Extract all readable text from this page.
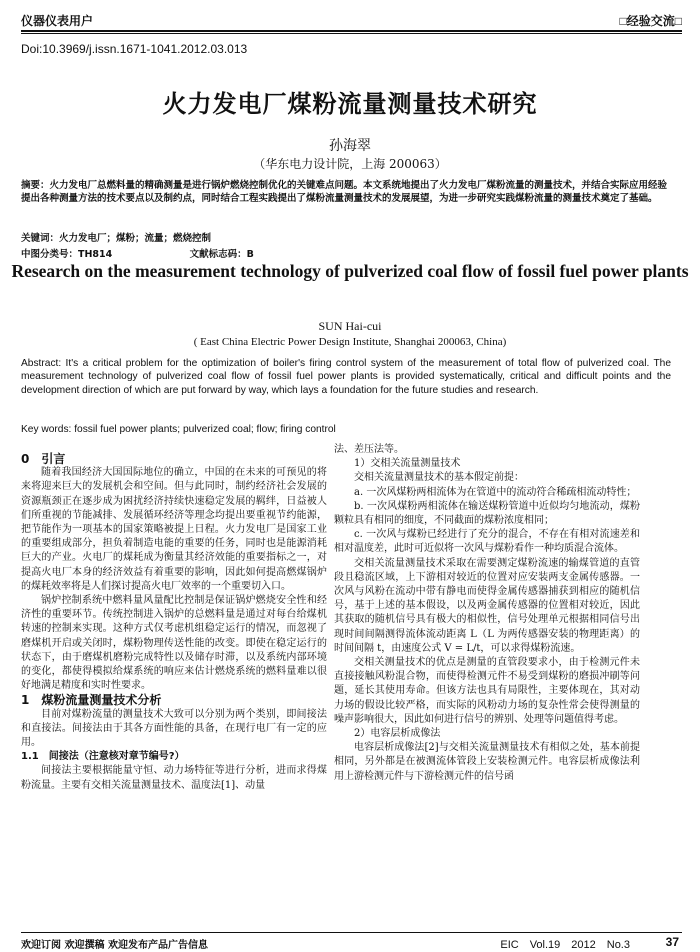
仪器仪表用户	□经验交流□
Doi:10.3969/j.issn.1671-1041.2012.03.013
火力发电厂煤粉流量测量技术研究
孙海翠
（华东电力设计院，上海 200063）
摘要：火力发电厂总燃料量的精确测量是进行锅炉燃烧控制优化的关键难点问题。本文系统地提出了火力发电厂煤粉流量的测量技术，并结合实际应用经验提出各种测量方法的技术要点以及制约点，同时结合工程实践提出了煤粉流量测量技术的发展展望，为进一步研究实践煤粉流量的测量技术奠定了基础。
关键词：火力发电厂；煤粉；流量；燃烧控制
中图分类号：TH814	文献标志码：B
Research on the measurement technology of pulverized coal flow of fossil fuel power plants
SUN Hai-cui
( East China Electric Power Design Institute, Shanghai 200063, China)
Abstract: It's a critical problem for the optimization of boiler's firing control system of the measurement of total flow of pulverized coal. The measurement technology of pulverized coal flow of fossil fuel power plants is provided systematically, critical and difficult points and the development direction of which are put forward by way, which lays a foundation for the future studies and research.
Key words: fossil fuel power plants; pulverized coal; flow; firing control

0　引言

随着我国经济大国国际地位的确立，中国的在未来的可预见的将来将迎来巨大的发展机会和空间。但与此同时，制约经济社会发展的资源瓶颈正在逐步成为困扰经济持续快速稳定发展的羁绊，日益被人们所重视的节能减排、发展循环经济等理念均提出要重视节约能源，把节能作为一项基本的国家策略被提上日程。火力发电厂是国家工业的重要组成部分，担负着制造电能的重要的任务，同时也是能源消耗巨大的产业。火电厂的煤耗成为衡量其经济效能的重要指标之一，对提高火电厂本身的经济效益有着重要的影响，因此如何提高燃煤锅炉的煤耗效率将是人们探讨提高火电厂效率的一个重要切入口。

锅炉控制系统中燃料量风量配比控制是保证锅炉燃烧安全性和经济性的重要环节。传统控制进入锅炉的总燃料量是通过对每台给煤机转速的控制来实现。这种方式仅考虑机组稳定运行的情况，而忽视了磨煤机开启或关闭时，煤粉物理传送性能的改变。即使在稳定运行的状态下，由于磨煤机磨粉完成特性以及储存时滞，以及系统内部环境的变化，都使得模拟给煤系统的响应来估计燃烧系统的燃料量难以很好地满足精度和实时性要求。

1　煤粉流量测量技术分析

目前对煤粉流量的测量技术大致可以分别为两个类别，即间接法和直接法。间接法由于其各方面性能的具备，在现行电厂有一定的应用。

1.1　间接法（注意核对章节编号?）

间接法主要根据能量守恒、动力场特征等进行分析，进而求得煤粉流量。主要有交相关流量测量技术、温度法[1]、动量

法、差压法等。

1）交相关流量测量技术

交相关流量测量技术的基本假定前提：

a. 一次风煤粉两相流体为在管道中的流动符合稀疏相流动特性；

b. 一次风煤粉两相流体在输送煤粉管道中近似均匀地流动，煤粉颗粒具有相同的细度，不同截面的煤粉浓度相同；

c. 一次风与煤粉已经进行了充分的混合，不存在有相对流速差和相对温度差，此时可近似将一次风与煤粉看作一种均质混合流体。

交相关流量测量技术采取在需要测定煤粉流速的输煤管道的直管段且稳流区域，上下游相对较近的位置对应安装两支金属传感器。一次风与风粉在流动中带有静电而使得金属传感器捕获到相应的随机信号，基于上述的基本假设，以及两金属传感器的位置相对较近，因此其获取的随机信号具有极大的相似性，信号处理单元根据相同信号出现时间间隔测得流体流动距离 L（L 为两传感器安装的物理距离）的时间间隔 t，由速度公式 V = L/t，可以求得煤粉流速。

交相关测量技术的优点是测量的直管段要求小，由于检测元件未直接接触风粉混合物，而使得检测元件不易受到煤粉的磨损冲刷等问题，延长其使用寿命。但该方法也具有局限性，主要体现在，其对动力场的假设比较严格，而实际的风粉动力场的复杂性常会使得测量的噪声影响很大，因此如何进行信号的辨别、处理等问题值得考虑。

2）电容层析成像法

电容层析成像法[2]与交相关流量测量技术有相似之处，基本前提相同，另外都是在被测流体管段上安装检测元件。电容层析成像法利用上游检测元件与下游检测元件的信号函

欢迎订阅 欢迎撰稿 欢迎发布产品广告信息	EIC　Vol.19　2012　No.3	37
